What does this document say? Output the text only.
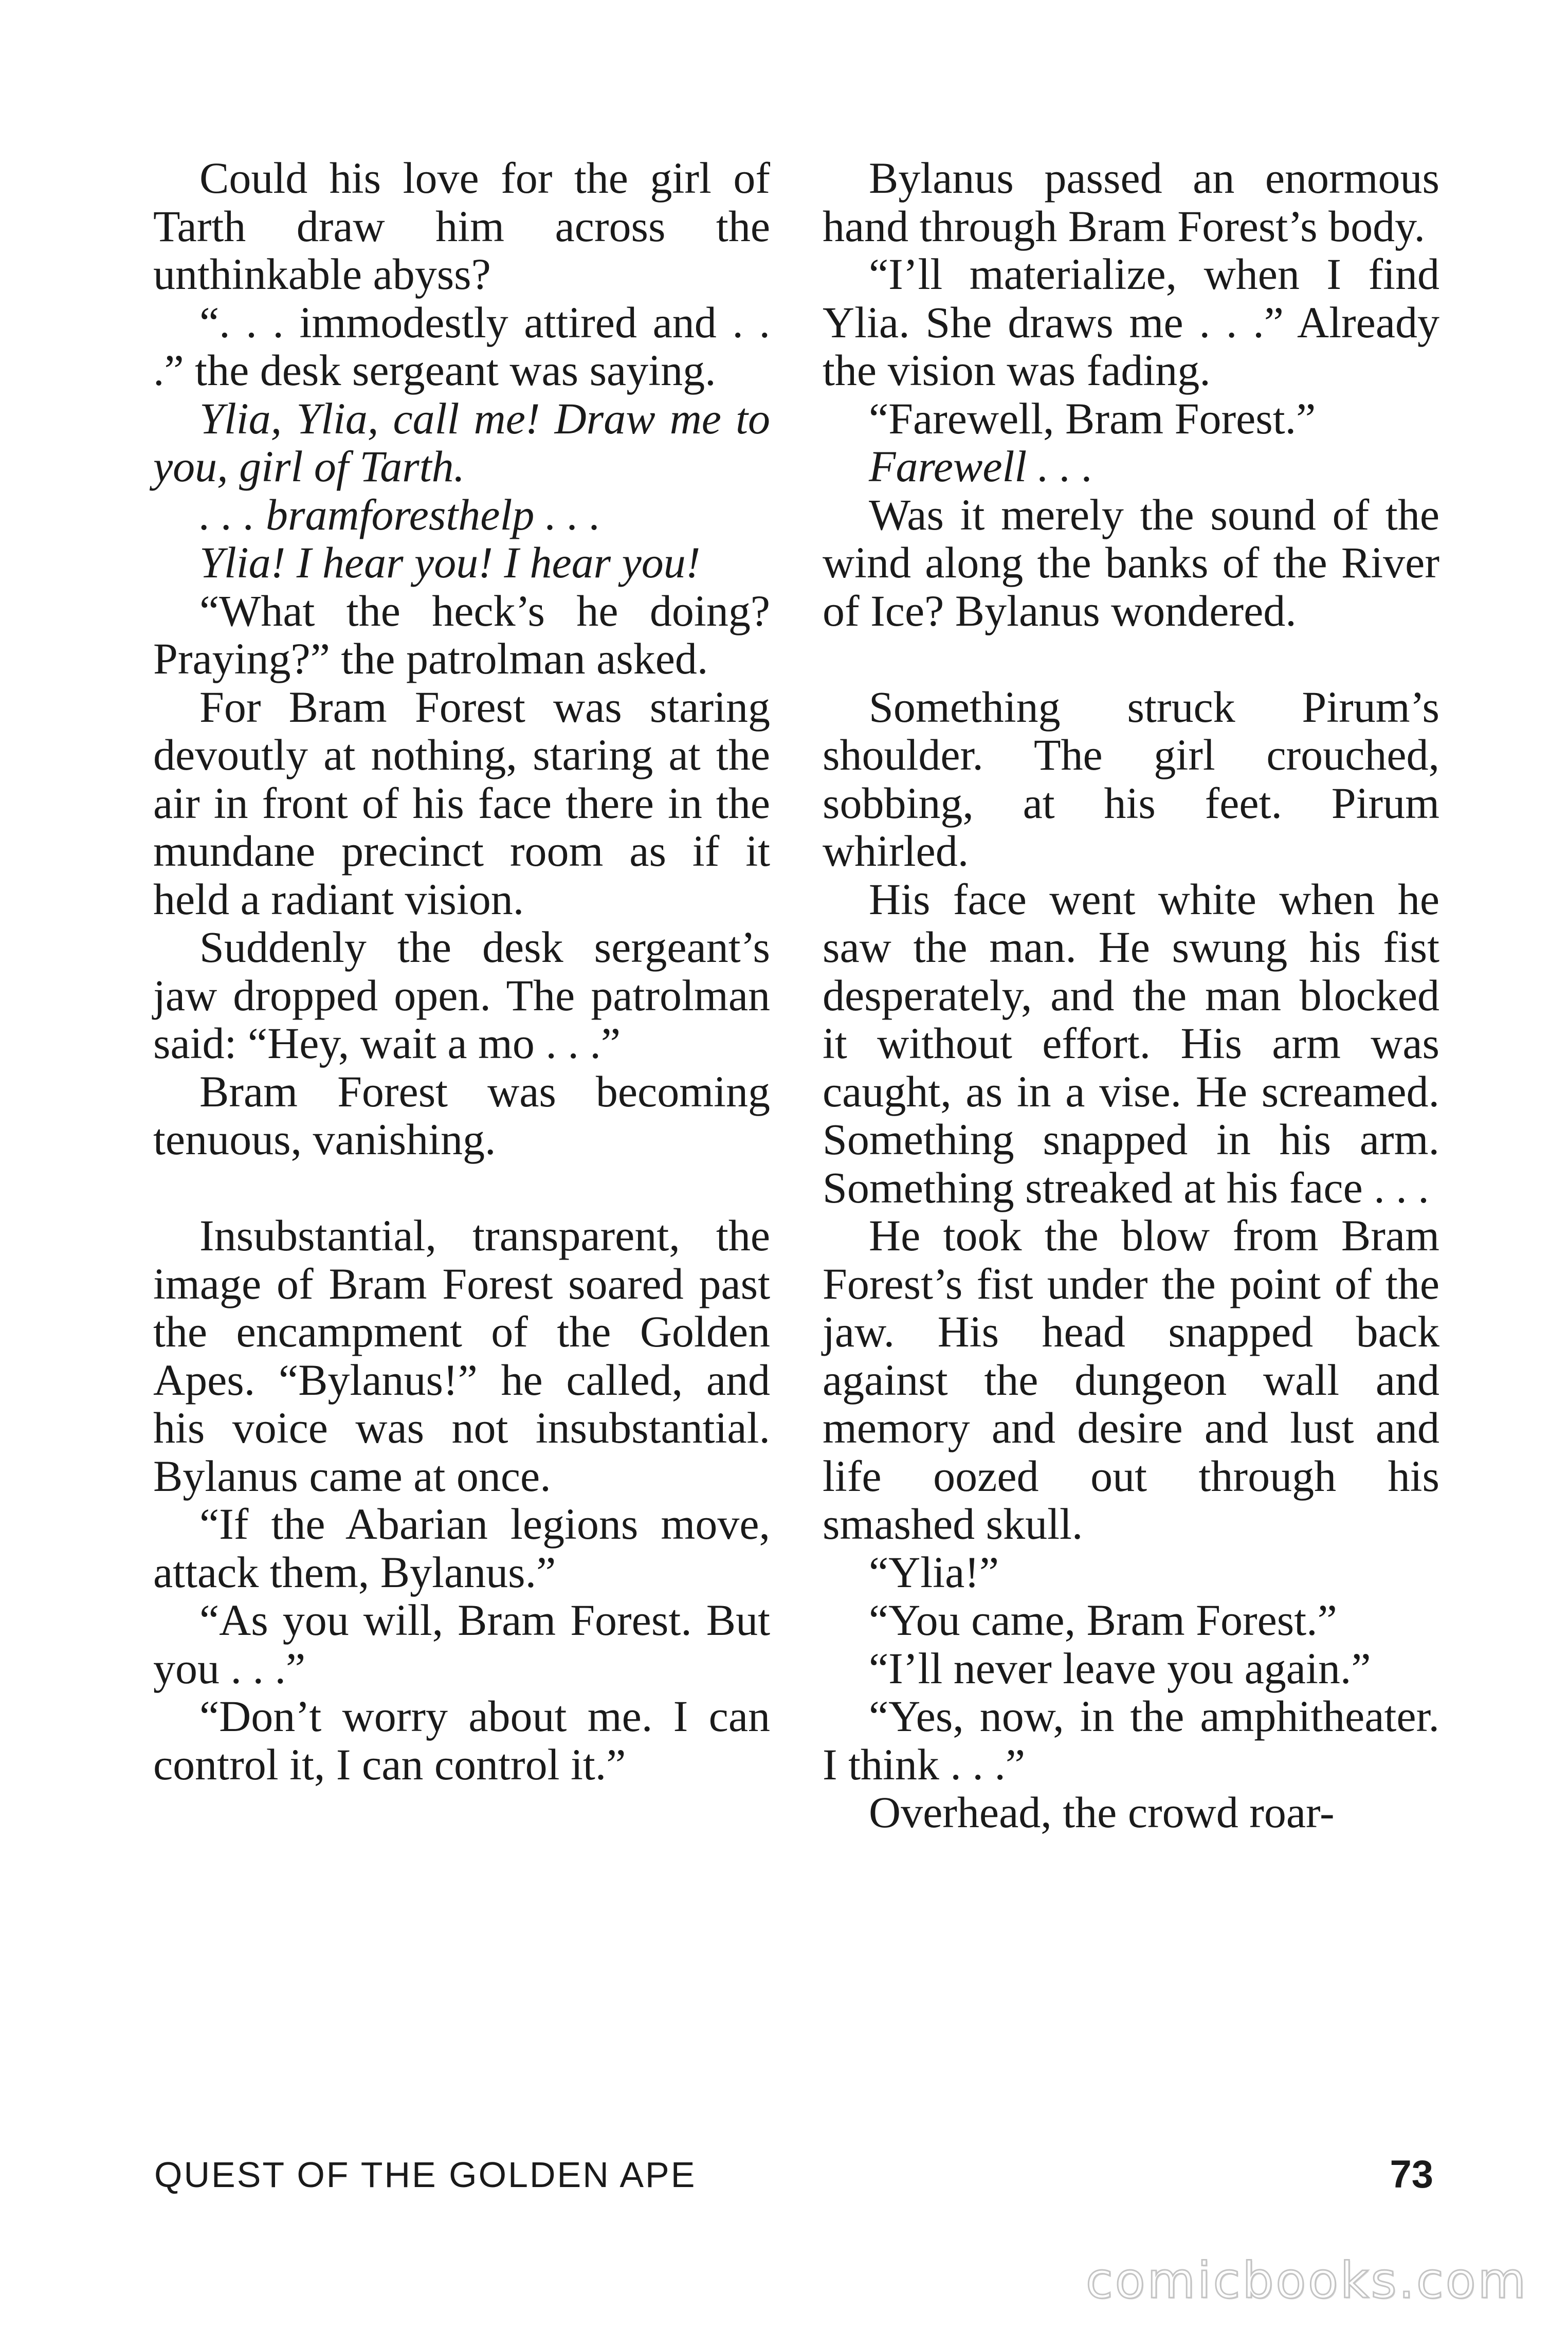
Could his love for the girl of Tarth draw him across the unthinkable abyss?

“. . . immodestly attired and . . .” the desk sergeant was saying.

Ylia, Ylia, call me! Draw me to you, girl of Tarth.

. . . bramforesthelp . . .

Ylia! I hear you! I hear you!

“What the heck’s he doing? Praying?” the patrolman asked.

For Bram Forest was staring devoutly at nothing, staring at the air in front of his face there in the mundane precinct room as if it held a radiant vision.

Suddenly the desk sergeant’s jaw dropped open. The patrolman said: “Hey, wait a mo . . .”

Bram Forest was becoming tenuous, vanishing.

Insubstantial, transparent, the image of Bram Forest soared past the encampment of the Golden Apes. “Bylanus!” he called, and his voice was not insubstantial. Bylanus came at once.

“If the Abarian legions move, attack them, Bylanus.”

“As you will, Bram Forest. But you . . .”

“Don’t worry about me. I can control it, I can control it.”

Bylanus passed an enormous hand through Bram Forest’s body.

“I’ll materialize, when I find Ylia. She draws me . . .” Already the vision was fading.

“Farewell, Bram Forest.”

Farewell . . .

Was it merely the sound of the wind along the banks of the River of Ice? Bylanus wondered.

Something struck Pirum’s shoulder. The girl crouched, sobbing, at his feet. Pirum whirled.

His face went white when he saw the man. He swung his fist desperately, and the man blocked it without effort. His arm was caught, as in a vise. He screamed. Something snapped in his arm. Something streaked at his face . . .

He took the blow from Bram Forest’s fist under the point of the jaw. His head snapped back against the dungeon wall and memory and desire and lust and life oozed out through his smashed skull.

“Ylia!”

“You came, Bram Forest.”

“I’ll never leave you again.”

“Yes, now, in the amphitheater. I think . . .”

Overhead, the crowd roar-

QUEST OF THE GOLDEN APE	73
comicbooks.com
